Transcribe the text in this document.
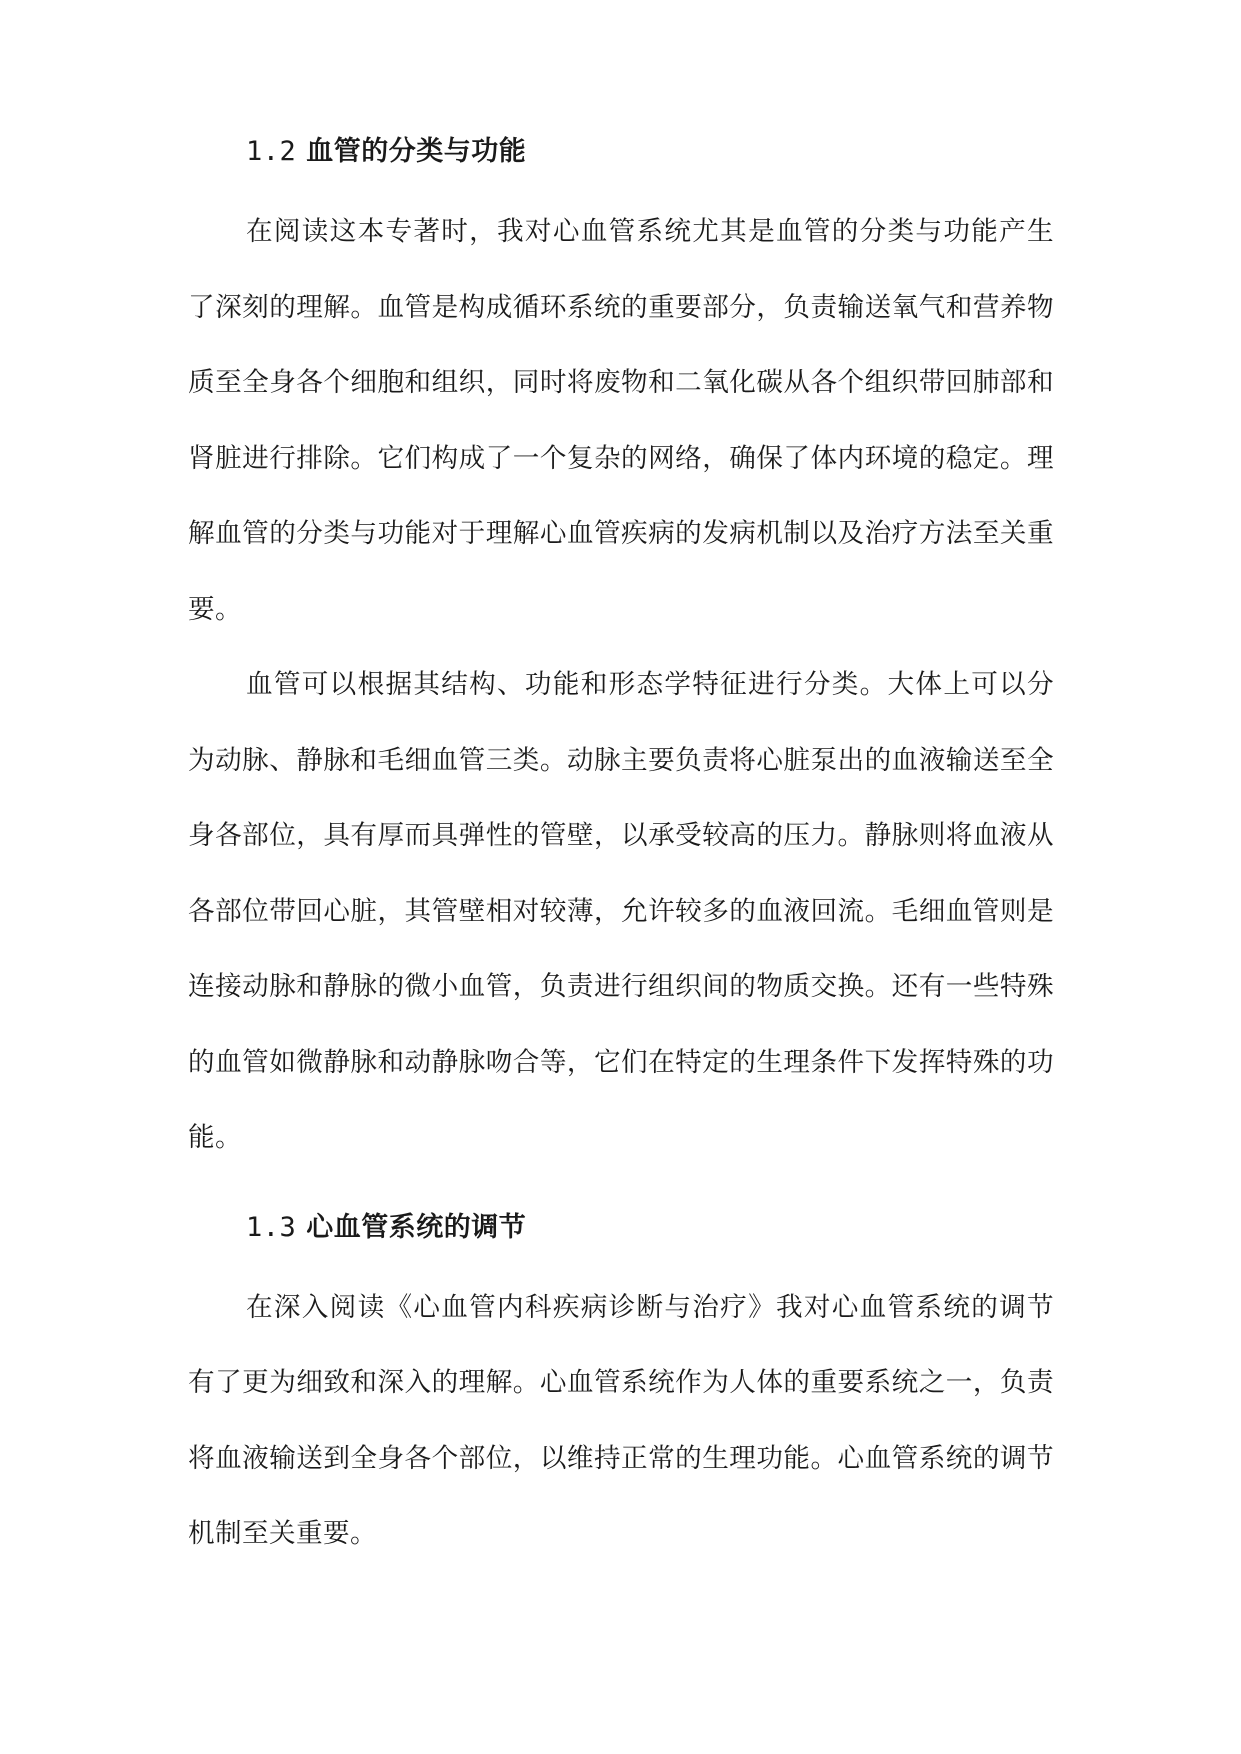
1.2 血管的分类与功能

在阅读这本专著时，我对心血管系统尤其是血管的分类与功能产生了深刻的理解。血管是构成循环系统的重要部分，负责输送氧气和营养物质至全身各个细胞和组织，同时将废物和二氧化碳从各个组织带回肺部和肾脏进行排除。它们构成了一个复杂的网络，确保了体内环境的稳定。理解血管的分类与功能对于理解心血管疾病的发病机制以及治疗方法至关重要。

血管可以根据其结构、功能和形态学特征进行分类。大体上可以分为动脉、静脉和毛细血管三类。动脉主要负责将心脏泵出的血液输送至全身各部位，具有厚而具弹性的管壁，以承受较高的压力。静脉则将血液从各部位带回心脏，其管壁相对较薄，允许较多的血液回流。毛细血管则是连接动脉和静脉的微小血管，负责进行组织间的物质交换。还有一些特殊的血管如微静脉和动静脉吻合等，它们在特定的生理条件下发挥特殊的功能。

1.3 心血管系统的调节

在深入阅读《心血管内科疾病诊断与治疗》我对心血管系统的调节有了更为细致和深入的理解。心血管系统作为人体的重要系统之一，负责将血液输送到全身各个部位，以维持正常的生理功能。心血管系统的调节机制至关重要。
